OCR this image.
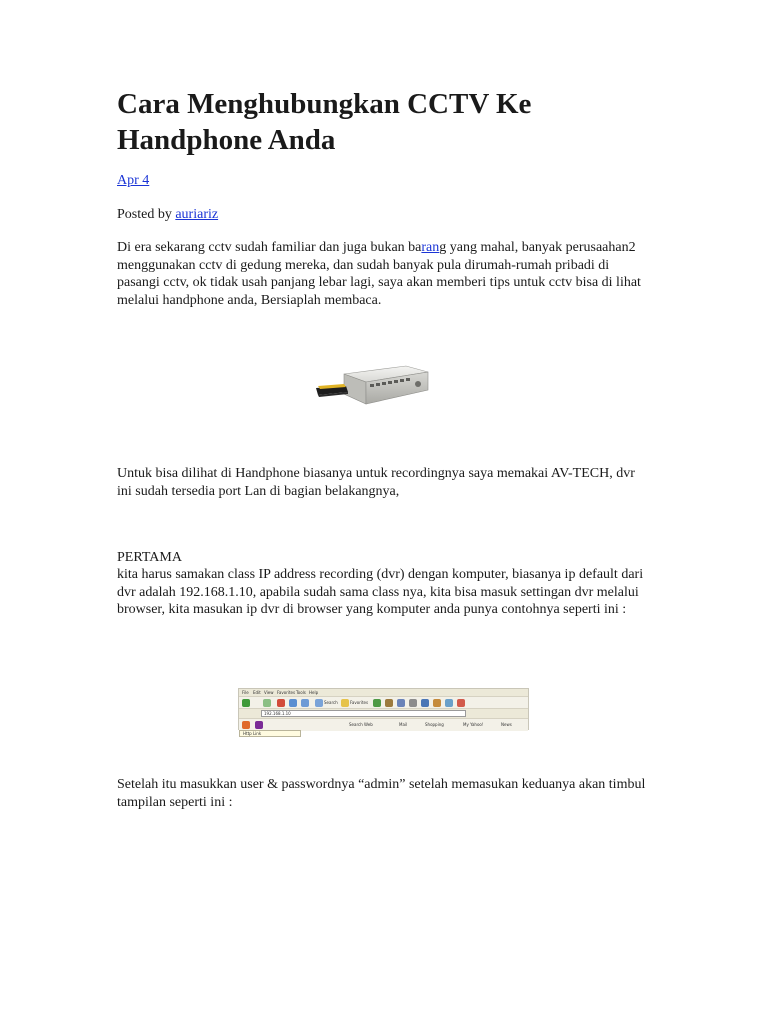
Cara Menghubungkan CCTV Ke Handphone Anda

Apr 4

Posted by auriariz

Di era sekarang cctv sudah familiar dan juga bukan barang yang mahal, banyak perusaahan2 menggunakan cctv di gedung mereka, dan sudah banyak pula dirumah-rumah pribadi di pasangi cctv, ok tidak usah panjang lebar lagi, saya akan memberi tips untuk cctv bisa di lihat melalui handphone anda, Bersiaplah membaca.

Untuk bisa dilihat di Handphone biasanya untuk recordingnya saya memakai AV-TECH, dvr ini sudah tersedia port Lan di bagian belakangnya,

PERTAMA

kita harus samakan class IP address recording (dvr) dengan komputer, biasanya ip default dari dvr adalah 192.168.1.10, apabila sudah sama class nya, kita bisa masuk settingan dvr melalui browser, kita masukan ip dvr di browser yang komputer anda punya contohnya seperti ini :

File Edit View Favorites Tools Help
Search	Favorites
192.168.1.10
Search Web	Mail	Shopping	My Yahoo!	News
Http Link

Setelah itu masukkan user & passwordnya “admin” setelah memasukan keduanya akan timbul tampilan seperti ini :
